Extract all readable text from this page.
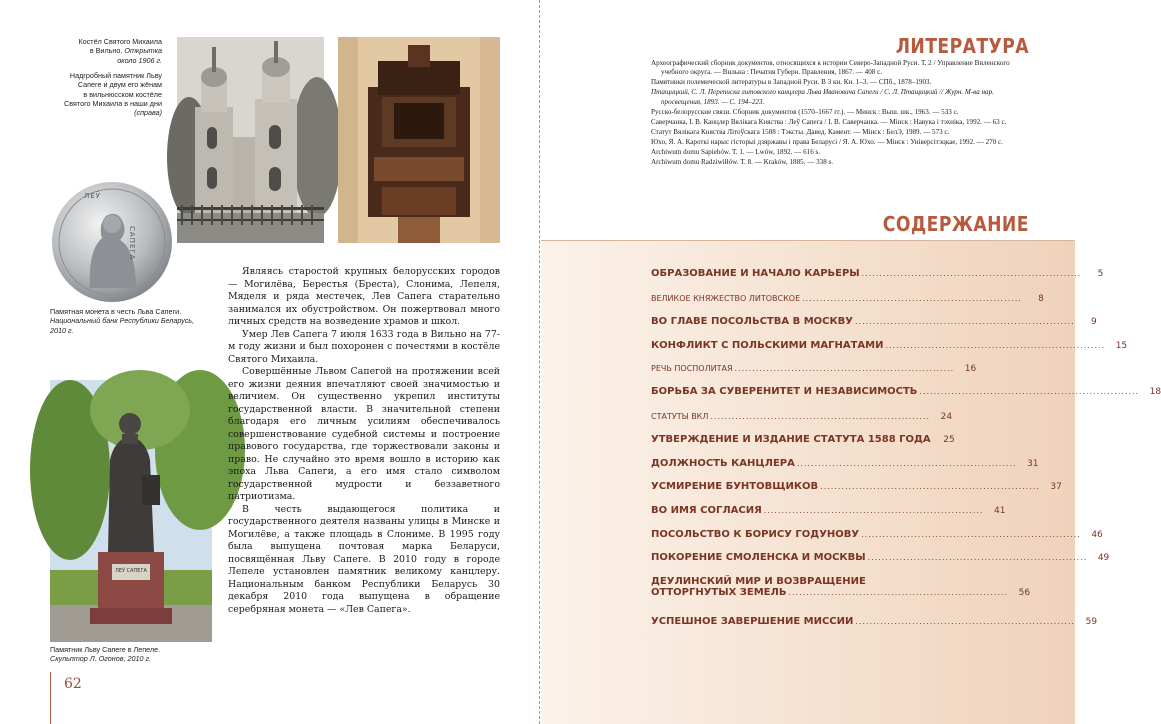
Костёл Святого Михаила
в Вильно. Открытка
около 1906 г.
Надгробный памятник Льву
Сапеге и двум его жёнам
в вильнюсском костёле
Святого Михаила в наши дни
(справа)
ЛЕЎ
САПЕГА
Памятная монета в честь Льва Сапеги.
Национальный банк Республики Беларусь,
2010 г.
ЛЕЎ САПЕГА
Памятник Льву Сапеге в Лепеле.
Скульптор Л. Огонов, 2010 г.

Являясь старостой крупных белорусских городов — Могилёва, Берестья (Бреста), Слонима, Лепеля, Мяделя и ряда местечек, Лев Сапега старательно занимался их обустройством. Он пожертвовал много личных средств на возведение храмов и школ.

Умер Лев Сапега 7 июля 1633 года в Вильно на 77-м году жизни и был похоронен с почестями в костёле Святого Михаила.

Совершённые Львом Сапегой на протяжении всей его жизни деяния впечатляют своей значимостью и величием. Он существенно укрепил институты государственной власти. В значительной степени благодаря его личным усилиям обеспечивалось совершенствование судебной системы и построение правового государства, где торжествовали законы и право. Не случайно это время вошло в историю как эпоха Льва Сапеги, а его имя стало символом государственной мудрости и беззаветного патриотизма.

В честь выдающегося политика и государственного деятеля названы улицы в Минске и Могилёве, а также площадь в Слониме. В 1995 году была выпущена почтовая марка Беларуси, посвящённая Льву Сапеге. В 2010 году в городе Лепеле установлен памятник великому канцлеру. Национальным банком Республики Беларусь 30 декабря 2010 года выпущена в обращение серебряная монета — «Лев Сапега».

62
ЛИТЕРАТУРА
Археографический сборник документов, относящихся к истории Северо-Западной Руси. Т. 2 / Управление Виленского учебного округа. — Вильна : Печатня Губерн. Правления, 1867. — 408 с.
Памятники полемической литературы в Западной Руси. В 3 кн. Кн. 1–3. — СПб., 1878–1903.
Птащицкий, С. Л. Переписка литовского канцлера Льва Ивановича Сапеги / С. Л. Птащицкий // Журн. М-ва нар. просвещения, 1893. — С. 194–223.
Русско-белорусские связи. Сборник документов (1570–1667 гг.). — Минск : Выш. шк., 1963. — 533 с.
Саверчанка, І. В. Канцлер Вялікага Княства : Леў Сапега / І. В. Саверчанка. — Мінск : Навука і тэхніка, 1992. — 63 с.
Статут Вялікага Княства Літоўскага 1588 : Тэксты. Давед. Камент. — Мінск : БелЭ, 1989. — 573 с.
Юхо, Я. А. Кароткі нарыс гісторыі дзяржавы і права Беларусі / Я. А. Юхо. — Мінск : Універсітэцкае, 1992. — 270 с.
Archiwum domu Sapiehów. T. 1. — Lwów, 1892. — 616 s.
Archiwum domu Radziwiłłów. T. 8. — Kraków, 1885. — 338 s.
СОДЕРЖАНИЕ
ОБРАЗОВАНИЕ И НАЧАЛО КАРЬЕРЫ ..............................................................	5
ВЕЛИКОЕ КНЯЖЕСТВО ЛИТОВСКОЕ ..............................................................	8
ВО ГЛАВЕ ПОСОЛЬСТВА В МОСКВУ ..............................................................	9
КОНФЛИКТ С ПОЛЬСКИМИ МАГНАТАМИ ..............................................................	15
РЕЧЬ ПОСПОЛИТАЯ ..............................................................	16
БОРЬБА ЗА СУВЕРЕНИТЕТ И НЕЗАВИСИМОСТЬ ..............................................................	18
СТАТУТЫ ВКЛ ..............................................................	24
УТВЕРЖДЕНИЕ И ИЗДАНИЕ СТАТУТА 1588 ГОДА	25
ДОЛЖНОСТЬ КАНЦЛЕРА ..............................................................	31
УСМИРЕНИЕ БУНТОВЩИКОВ ..............................................................	37
ВО ИМЯ СОГЛАСИЯ ..............................................................	41
ПОСОЛЬСТВО К БОРИСУ ГОДУНОВУ ..............................................................	46
ПОКОРЕНИЕ СМОЛЕНСКА И МОСКВЫ ..............................................................	49
ДЕУЛИНСКИЙ МИР И ВОЗВРАЩЕНИЕ
ОТТОРГНУТЫХ ЗЕМЕЛЬ ..............................................................	56
УСПЕШНОЕ ЗАВЕРШЕНИЕ МИССИИ ..............................................................	59
